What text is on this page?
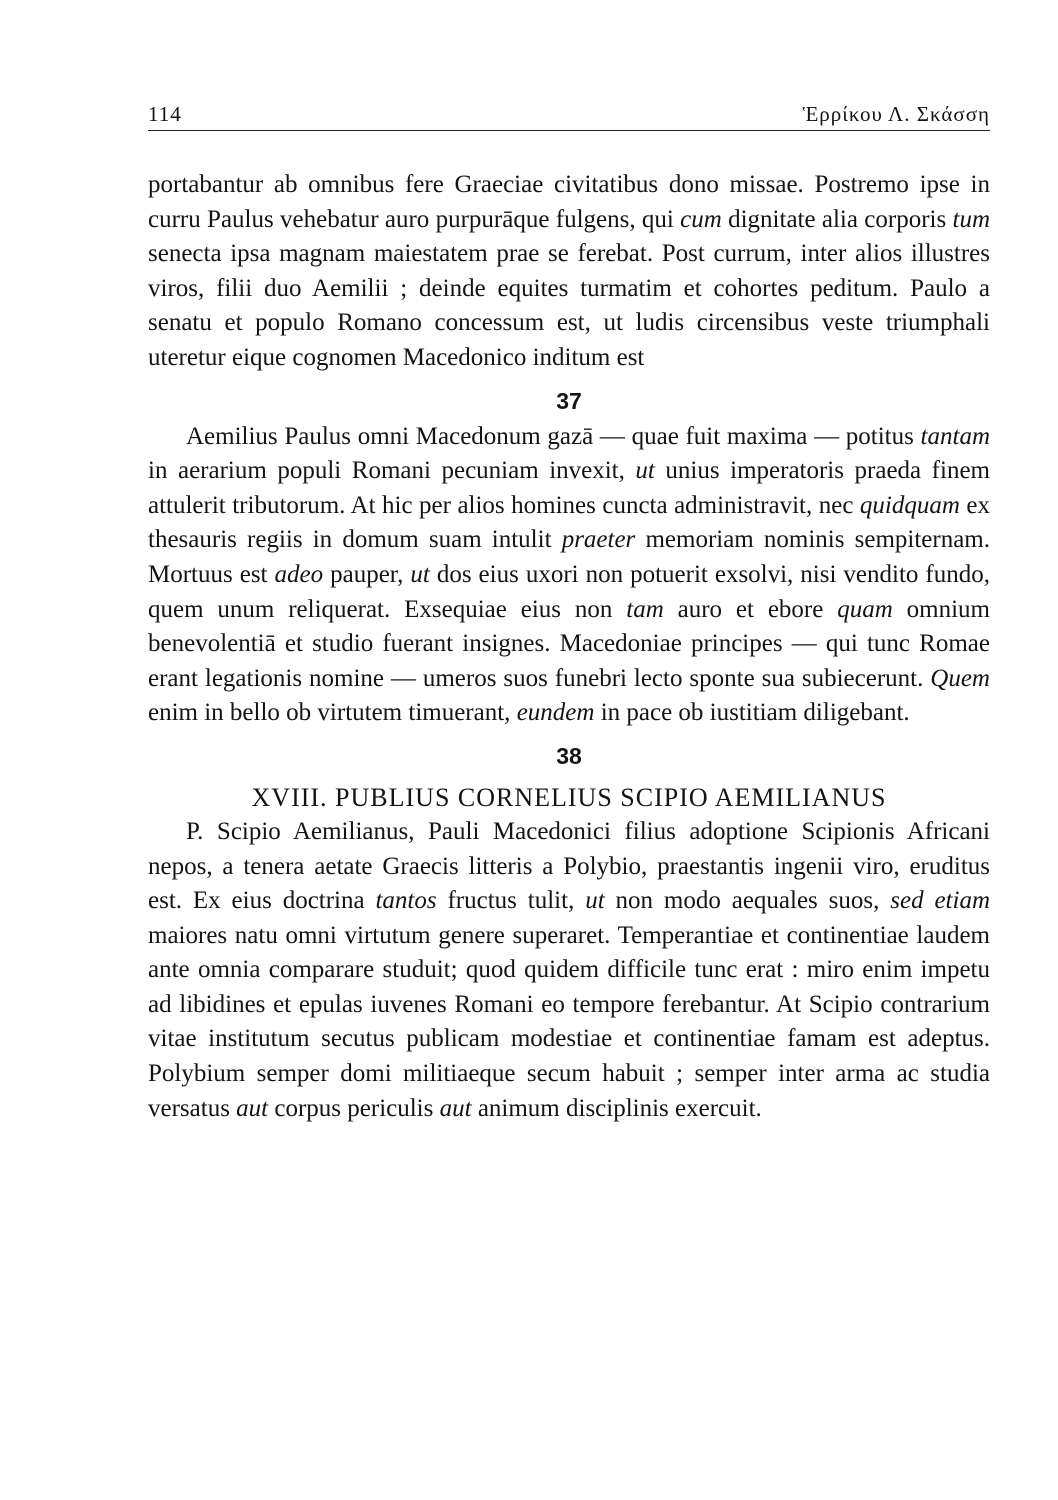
114	Ἑρρίκου Λ. Σκάσση

portabantur ab omnibus fere Graeciae civitatibus dono missae. Postremo ipse in curru Paulus vehebatur auro purpurāque fulgens, qui cum dignitate alia corporis tum senecta ipsa magnam maiestatem prae se ferebat. Post currum, inter alios illustres viros, filii duo Aemilii ; deinde equites turmatim et cohortes peditum. Paulo a senatu et populo Romano concessum est, ut ludis circensibus veste triumphali uteretur eique cognomen Macedonico inditum est

37

Aemilius Paulus omni Macedonum gazā — quae fuit maxima — potitus tantam in aerarium populi Romani pecuniam invexit, ut unius imperatoris praeda finem attulerit tributorum. At hic per alios homines cuncta administravit, nec quidquam ex thesauris regiis in domum suam intulit praeter memoriam nominis sempiternam. Mortuus est adeo pauper, ut dos eius uxori non potuerit exsolvi, nisi vendito fundo, quem unum reliquerat. Exsequiae eius non tam auro et ebore quam omnium benevolentiā et studio fuerant insignes. Macedoniae principes — qui tunc Romae erant legationis nomine — umeros suos funebri lecto sponte sua subiecerunt. Quem enim in bello ob virtutem timuerant, eundem in pace ob iustitiam diligebant.

38
XVIII. PUBLIUS CORNELIUS SCIPIO AEMILIANUS

P. Scipio Aemilianus, Pauli Macedonici filius adoptione Scipionis Africani nepos, a tenera aetate Graecis litteris a Polybio, praestantis ingenii viro, eruditus est. Ex eius doctrina tantos fructus tulit, ut non modo aequales suos, sed etiam maiores natu omni virtutum genere superaret. Temperantiae et continentiae laudem ante omnia comparare studuit; quod quidem difficile tunc erat : miro enim impetu ad libidines et epulas iuvenes Romani eo tempore ferebantur. At Scipio contrarium vitae institutum secutus publicam modestiae et continentiae famam est adeptus. Polybium semper domi militiaeque secum habuit ; semper inter arma ac studia versatus aut corpus periculis aut animum disciplinis exercuit.
